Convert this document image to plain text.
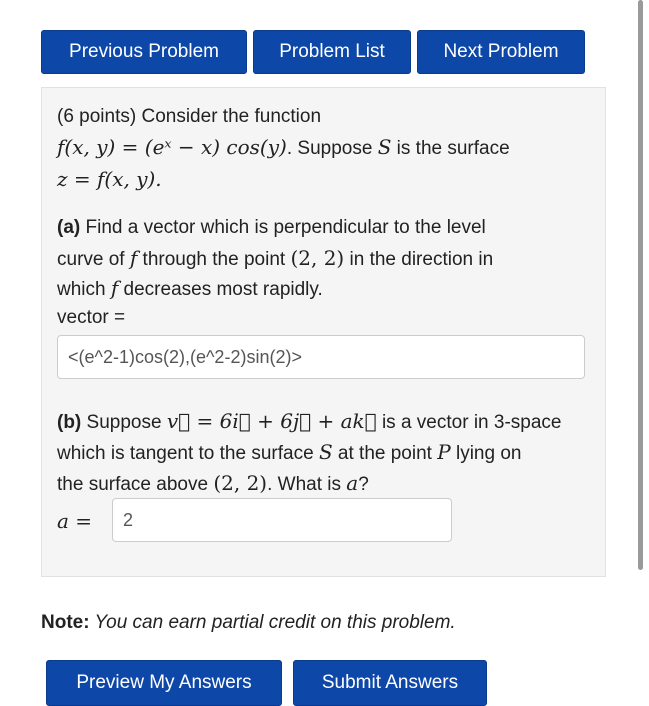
Previous Problem	Problem List	Next Problem
(6 points) Consider the function
f(x, y) = (eˣ − x) cos(y). Suppose S is the surface
z = f(x, y).
(a) Find a vector which is perpendicular to the level
curve of f through the point (2, 2) in the direction in
which f decreases most rapidly.
vector =
<(e^2-1)cos(2),(e^2-2)sin(2)>
(b) Suppose v⃗ = 6i⃗ + 6j⃗ + ak⃗ is a vector in 3-space
which is tangent to the surface S at the point P lying on
the surface above (2, 2). What is a?
a =	2
Note: You can earn partial credit on this problem.
Preview My Answers	Submit Answers
